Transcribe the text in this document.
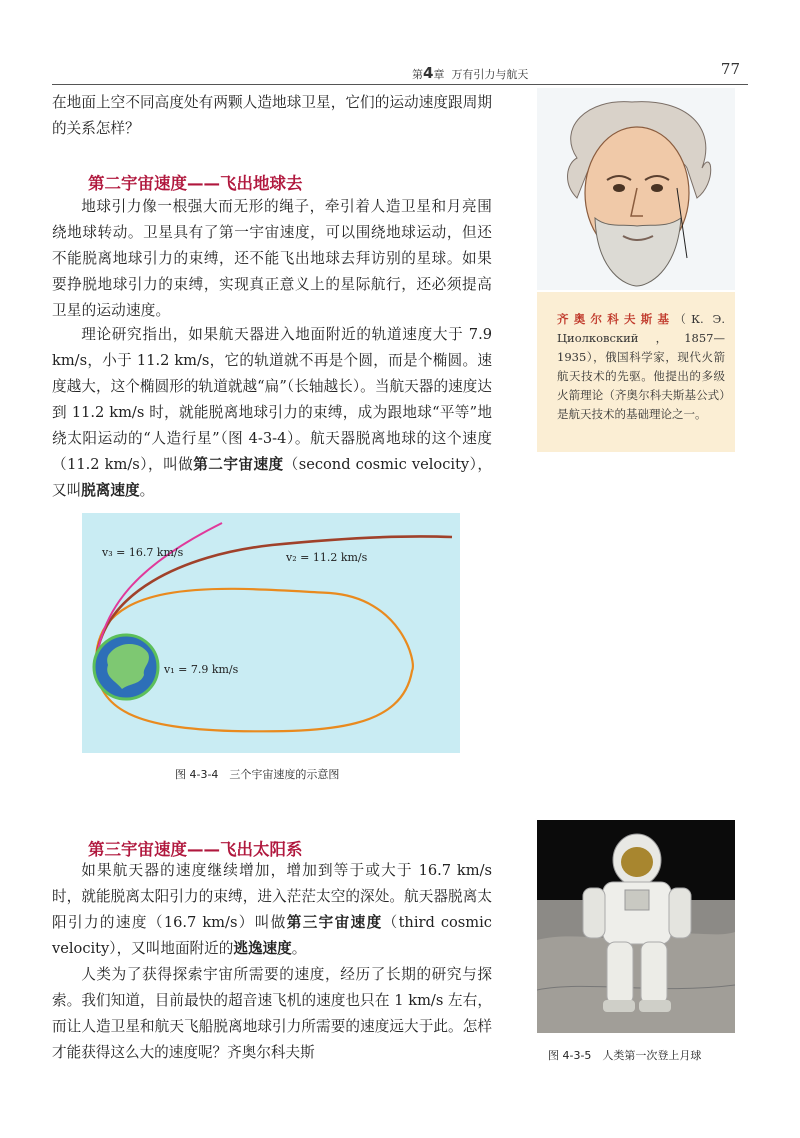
第4章 万有引力与航天	77
在地面上空不同高度处有两颗人造地球卫星，它们的运动速度跟周期的关系怎样？
第二宇宙速度——飞出地球去
地球引力像一根强大而无形的绳子，牵引着人造卫星和月亮围绕地球转动。卫星具有了第一宇宙速度，可以围绕地球运动，但还不能脱离地球引力的束缚，还不能飞出地球去拜访别的星球。如果要挣脱地球引力的束缚，实现真正意义上的星际航行，还必须提高卫星的运动速度。
理论研究指出，如果航天器进入地面附近的轨道速度大于 7.9 km/s，小于 11.2 km/s，它的轨道就不再是个圆，而是个椭圆。速度越大，这个椭圆形的轨道就越“扁”（长轴越长）。当航天器的速度达到 11.2 km/s 时，就能脱离地球引力的束缚，成为跟地球“平等”地绕太阳运动的“人造行星”（图 4-3-4）。航天器脱离地球的这个速度（11.2 km/s），叫做第二宇宙速度（second cosmic velocity），又叫脱离速度。
齐奥尔科夫斯基（К. Э. Циолковский，1857—1935），俄国科学家，现代火箭航天技术的先驱。他提出的多级火箭理论（齐奥尔科夫斯基公式）是航天技术的基础理论之一。
v₃ = 16.7 km/s	v₂ = 11.2 km/s
v₁ = 7.9 km/s
图 4-3-4　三个宇宙速度的示意图
第三宇宙速度——飞出太阳系
如果航天器的速度继续增加，增加到等于或大于 16.7 km/s 时，就能脱离太阳引力的束缚，进入茫茫太空的深处。航天器脱离太阳引力的速度（16.7 km/s）叫做第三宇宙速度（third cosmic velocity），又叫地面附近的逃逸速度。
人类为了获得探索宇宙所需要的速度，经历了长期的研究与探索。我们知道，目前最快的超音速飞机的速度也只在 1 km/s 左右，而让人造卫星和航天飞船脱离地球引力所需要的速度远大于此。怎样才能获得这么大的速度呢？齐奥尔科夫斯	图 4-3-5　人类第一次登上月球
